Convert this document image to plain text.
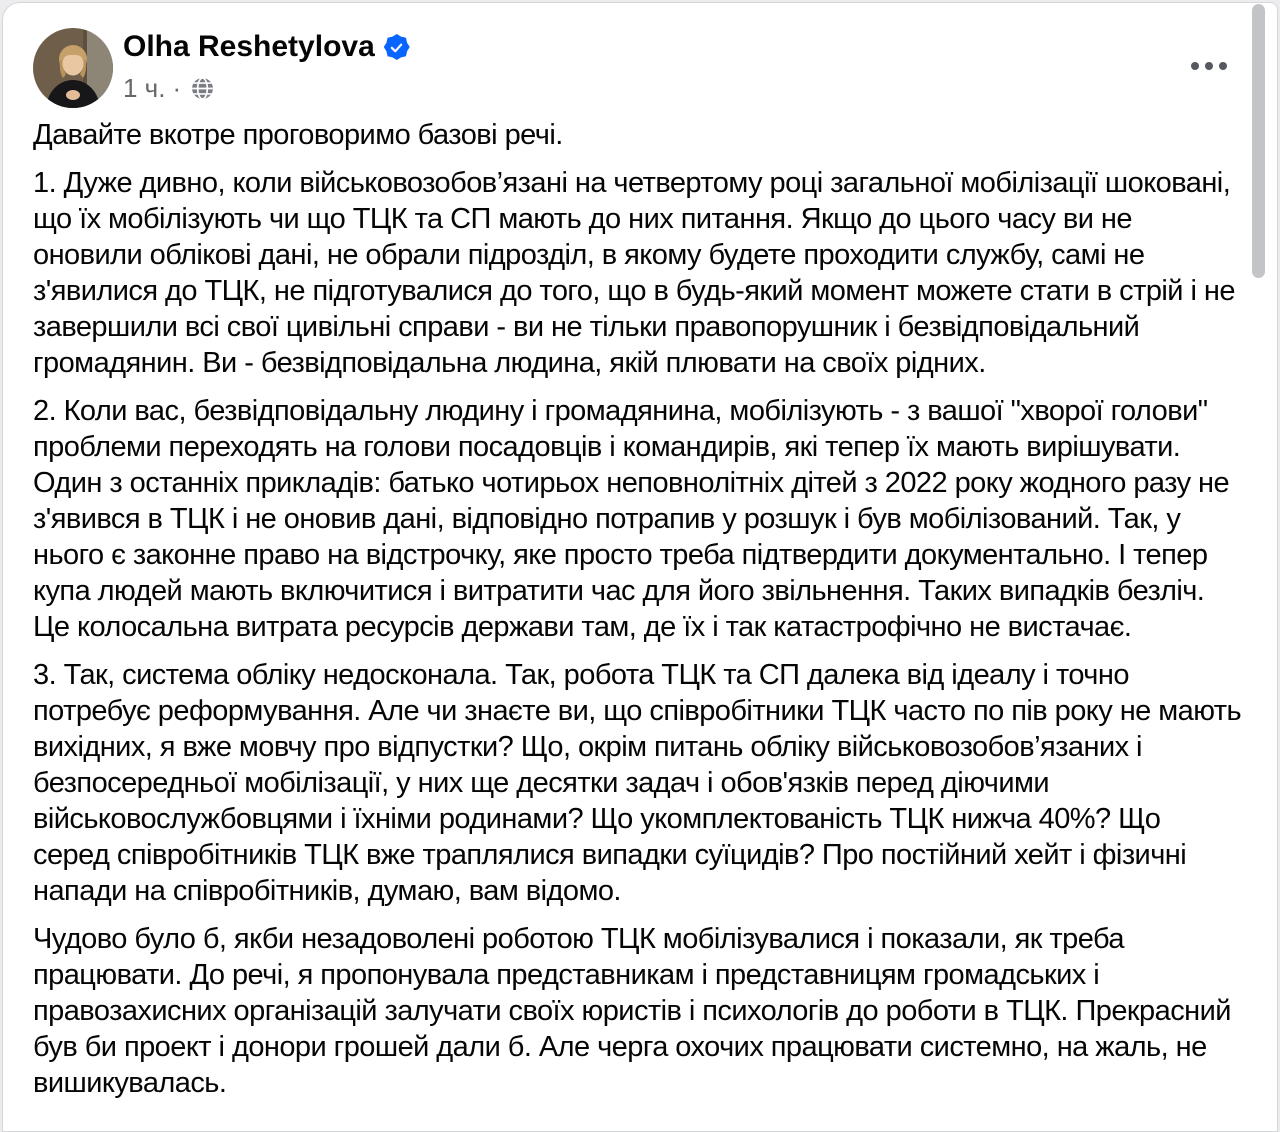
Olha Reshetylova
1 ч. ·

Давайте вкотре проговоримо базові речі.

1. Дуже дивно, коли військовозобов’язані на четвертому році загальної мобілізації шоковані, що їх мобілізують чи що ТЦК та СП мають до них питання. Якщо до цього часу ви не оновили облікові дані, не обрали підрозділ, в якому будете проходити службу, самі не з'явилися до ТЦК, не підготувалися до того, що в будь-який момент можете стати в стрій і не завершили всі свої цивільні справи - ви не тільки правопорушник і безвідповідальний громадянин. Ви - безвідповідальна людина, якій плювати на своїх рідних.

2. Коли вас, безвідповідальну людину і громадянина, мобілізують - з вашої "хворої голови" проблеми переходять на голови посадовців і командирів, які тепер їх мають вирішувати. Один з останніх прикладів: батько чотирьох неповнолітніх дітей з 2022 року жодного разу не з'явився в ТЦК і не оновив дані, відповідно потрапив у розшук і був мобілізований. Так, у нього є законне право на відстрочку, яке просто треба підтвердити документально. І тепер купа людей мають включитися і витратити час для його звільнення. Таких випадків безліч. Це колосальна витрата ресурсів держави там, де їх і так катастрофічно не вистачає.

3. Так, система обліку недосконала. Так, робота ТЦК та СП далека від ідеалу і точно потребує реформування. Але чи знаєте ви, що співробітники ТЦК часто по пів року не мають вихідних, я вже мовчу про відпустки? Що, окрім питань обліку військовозобов’язаних і безпосередньої мобілізації, у них ще десятки задач і обов'язків перед діючими військовослужбовцями і їхніми родинами? Що укомплектованість ТЦК нижча 40%? Що серед співробітників ТЦК вже траплялися випадки суїцидів? Про постійний хейт і фізичні напади на співробітників, думаю, вам відомо.

Чудово було б, якби незадоволені роботою ТЦК мобілізувалися і показали, як треба працювати. До речі, я пропонувала представникам і представницям громадських і правозахисних організацій залучати своїх юристів і психологів до роботи в ТЦК. Прекрасний був би проект і донори грошей дали б. Але черга охочих працювати системно, на жаль, не вишикувалась.
